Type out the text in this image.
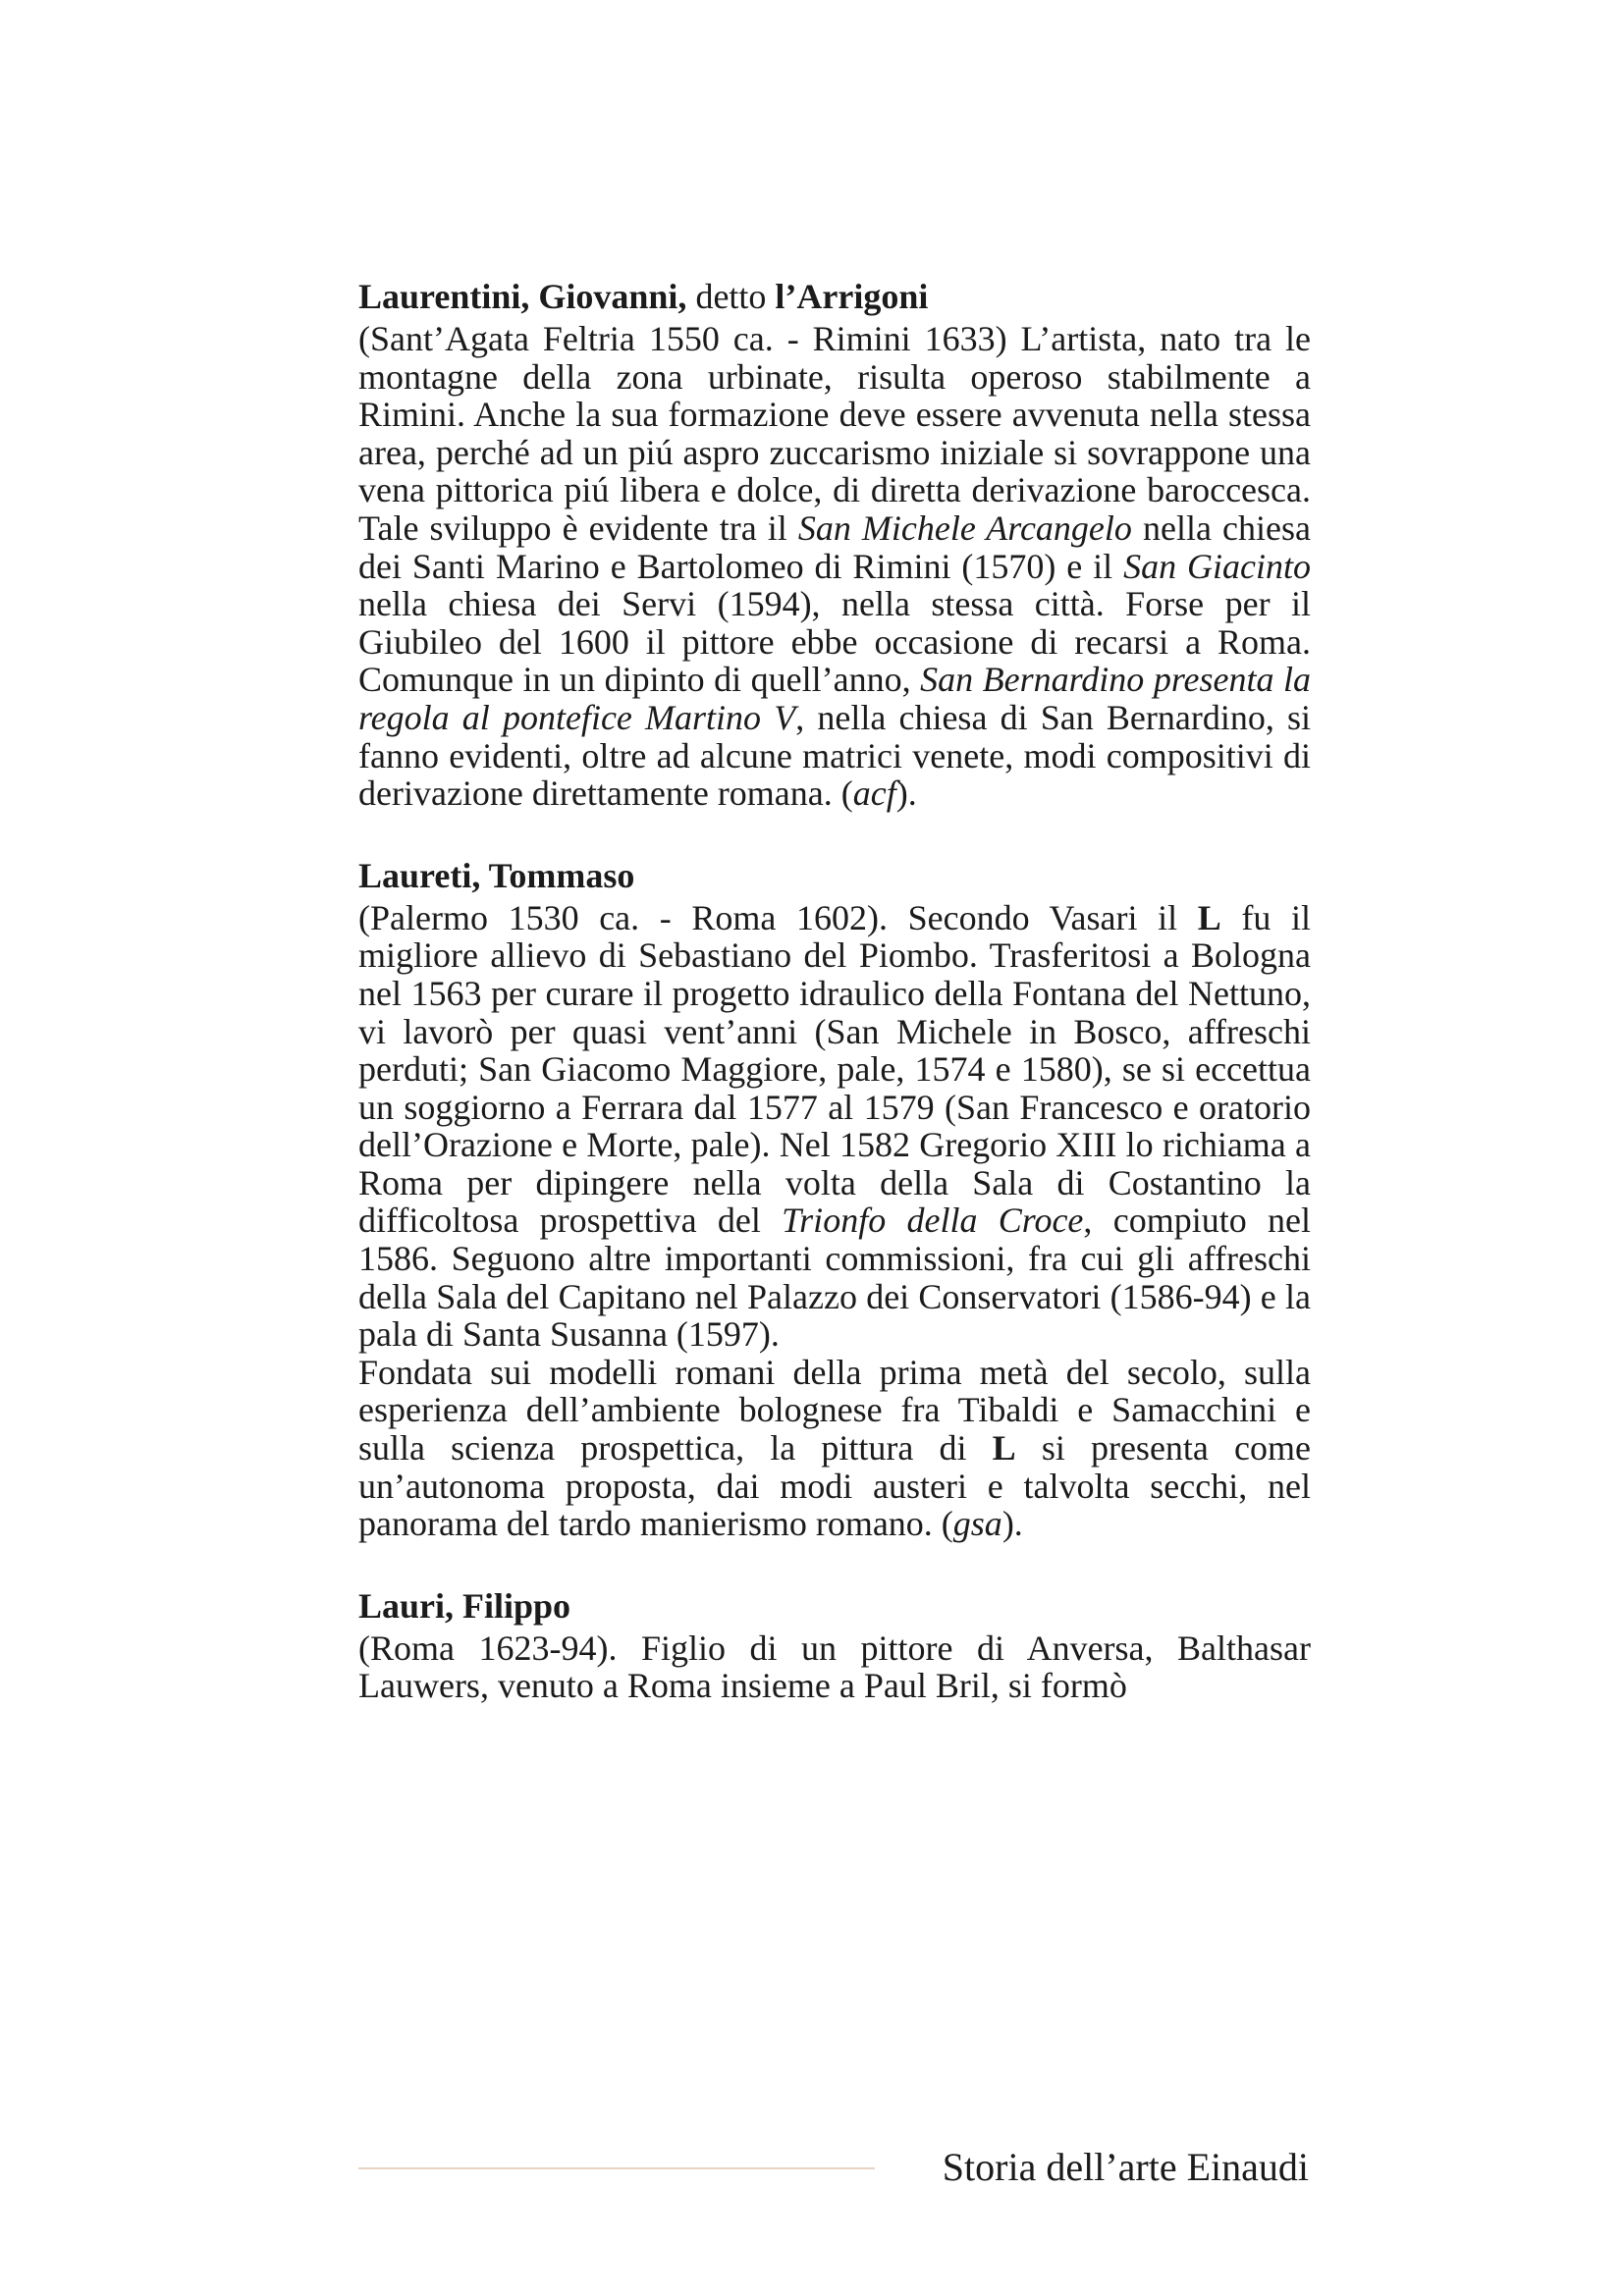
Laurentini, Giovanni, detto l’Arrigoni

(Sant’Agata Feltria 1550 ca. - Rimini 1633) L’artista, nato tra le montagne della zona urbinate, risulta operoso stabilmente a Rimini. Anche la sua formazione deve essere avvenuta nella stessa area, perché ad un piú aspro zuccarismo iniziale si sovrappone una vena pittorica piú libera e dolce, di diretta derivazione baroccesca. Tale sviluppo è evidente tra il San Michele Arcangelo nella chiesa dei Santi Marino e Bartolomeo di Rimini (1570) e il San Giacinto nella chiesa dei Servi (1594), nella stessa città. Forse per il Giubileo del 1600 il pittore ebbe occasione di recarsi a Roma. Comunque in un dipinto di quell’anno, San Bernardino presenta la regola al pontefice Martino V, nella chiesa di San Bernardino, si fanno evidenti, oltre ad alcune matrici venete, modi compositivi di derivazione direttamente romana. (acf).

Laureti, Tommaso

(Palermo 1530 ca. - Roma 1602). Secondo Vasari il L fu il migliore allievo di Sebastiano del Piombo. Trasferitosi a Bologna nel 1563 per curare il progetto idraulico della Fontana del Nettuno, vi lavorò per quasi vent’anni (San Michele in Bosco, affreschi perduti; San Giacomo Maggiore, pale, 1574 e 1580), se si eccettua un soggiorno a Ferrara dal 1577 al 1579 (San Francesco e oratorio dell’Orazione e Morte, pale). Nel 1582 Gregorio XIII lo richiama a Roma per dipingere nella volta della Sala di Costantino la difficoltosa prospettiva del Trionfo della Croce, compiuto nel 1586. Seguono altre importanti commissioni, fra cui gli affreschi della Sala del Capitano nel Palazzo dei Conservatori (1586-94) e la pala di Santa Susanna (1597).

Fondata sui modelli romani della prima metà del secolo, sulla esperienza dell’ambiente bolognese fra Tibaldi e Samacchini e sulla scienza prospettica, la pittura di L si presenta come un’autonoma proposta, dai modi austeri e talvolta secchi, nel panorama del tardo manierismo romano. (gsa).

Lauri, Filippo

(Roma 1623-94). Figlio di un pittore di Anversa, Balthasar Lauwers, venuto a Roma insieme a Paul Bril, si formò

Storia dell’arte Einaudi
